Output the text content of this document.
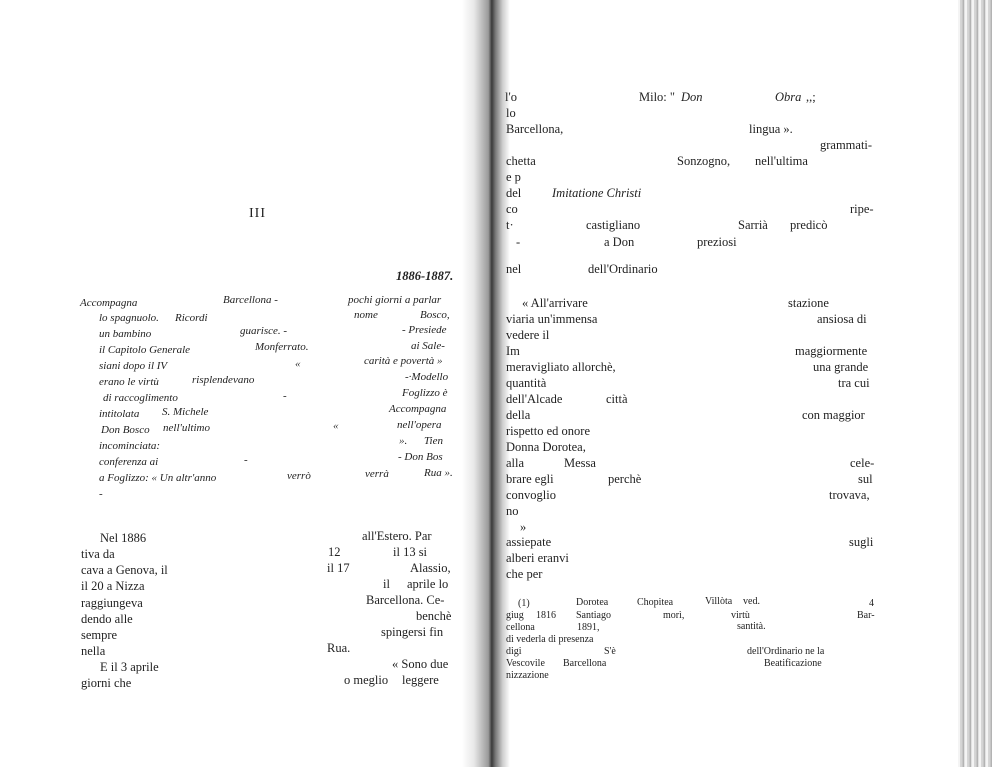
III
1886-1887.
Accompagna	Barcellona -	pochi giorni a parlar
lo spagnuolo. Ricordi	nome	Bosco,
un bambino	guarisce. -	- Presiede
il Capitolo Generale	Monferrato.	ai Sale-
siani dopo il IV	«	carità e povertà »
erano le virtù	risplendevano	-·Modello
di raccoglimento	-	Foglizzo è
intitolata S. Michele	Accompagna
Don Bosco nell'ultimo	«	nell'opera
incominciata:	». Tien
conferenza ai	-	- Don Bos
a Foglizzo: « Un altr'anno	verrò	verrà	Rua ».
-
Nel 1886	all'Estero. Par
tiva da	12	il 13 si
cava a Genova, il	il 17	Alassio,
il 20 a Nizza	il aprile lo
raggiungeva	Barcellona. Ce-
dendo alle	benchè
sempre	spingersi fin
nella	Rua.
E il 3 aprile	« Sono due
giorni che	o meglio leggere
l'o	Milo: " Don	Obra ,,;
lo
Barcellona,	lingua ».
grammati-
chetta	Sonzogno, nell'ultima
e p
del Imitatione Christi
co	ripe-
t·	castigliano	Sarrià predicò
-	a Don	preziosi
nel	dell'Ordinario
« All'arrivare	stazione
viaria un'immensa	ansiosa di
vedere il
Im	maggiormente
meravigliato allorchè,	una grande
quantità	tra cui
dell'Alcade	città
della	con maggior
rispetto ed onore
Donna Dorotea,
alla	Messa	cele-
brare egli	perchè	sul
convoglio	trovava,
no
»
assiepate	sugli
alberi eranvi
che per
(1)	Dorotea	Chopitea	Villòta ved.	4
giug 1816 Santiago	morì,	virtù	Bar-
cellona	1891,	santità.
di vederla di presenza
digi	S'è	dell'Ordinario ne la
Vescovile Barcellona	Beatificazione
nizzazione
